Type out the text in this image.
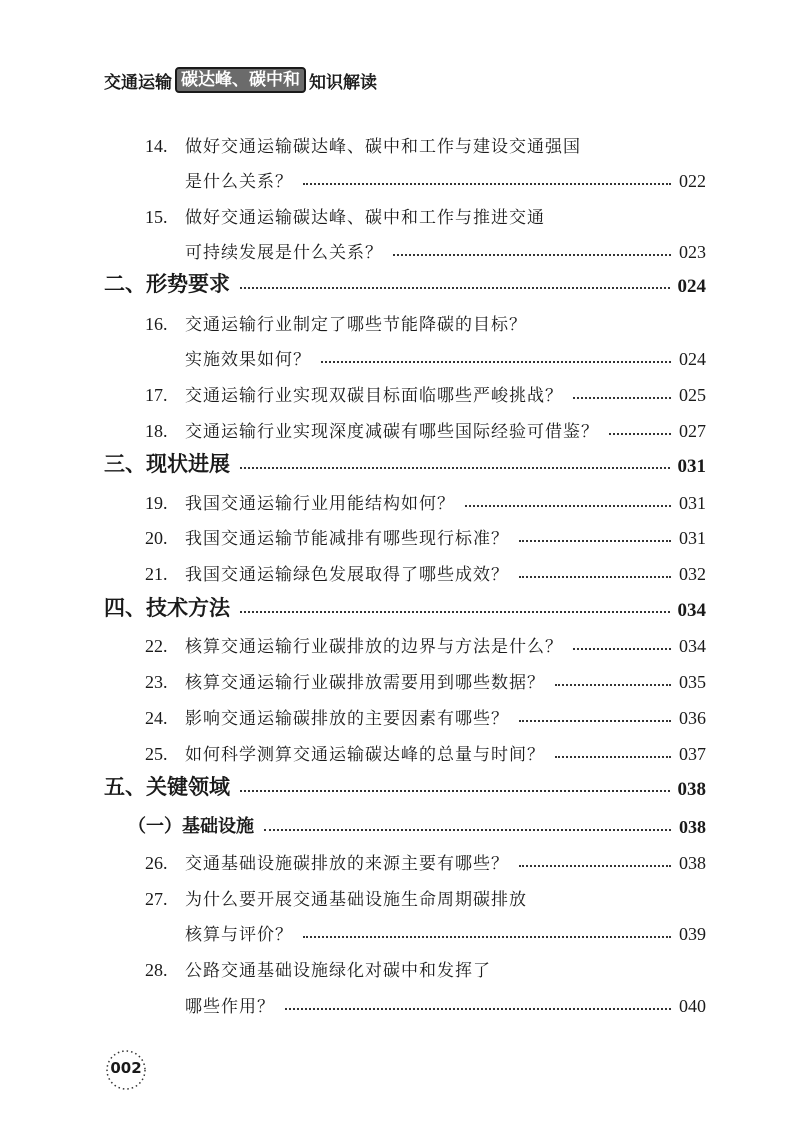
交通运输 碳达峰、碳中和 知识解读
14.	做好交通运输碳达峰、碳中和工作与建设交通强国
是什么关系？	022
15.	做好交通运输碳达峰、碳中和工作与推进交通
可持续发展是什么关系？	023
二、形势要求	024
16.	交通运输行业制定了哪些节能降碳的目标？
实施效果如何？	024
17.	交通运输行业实现双碳目标面临哪些严峻挑战？	025
18.	交通运输行业实现深度减碳有哪些国际经验可借鉴？	027
三、现状进展	031
19.	我国交通运输行业用能结构如何？	031
20.	我国交通运输节能减排有哪些现行标准？	031
21.	我国交通运输绿色发展取得了哪些成效？	032
四、技术方法	034
22.	核算交通运输行业碳排放的边界与方法是什么？	034
23.	核算交通运输行业碳排放需要用到哪些数据？	035
24.	影响交通运输碳排放的主要因素有哪些？	036
25.	如何科学测算交通运输碳达峰的总量与时间？	037
五、关键领域	038
（一）基础设施	038
26.	交通基础设施碳排放的来源主要有哪些？	038
27.	为什么要开展交通基础设施生命周期碳排放
核算与评价？	039
28.	公路交通基础设施绿化对碳中和发挥了
哪些作用？	040
002
